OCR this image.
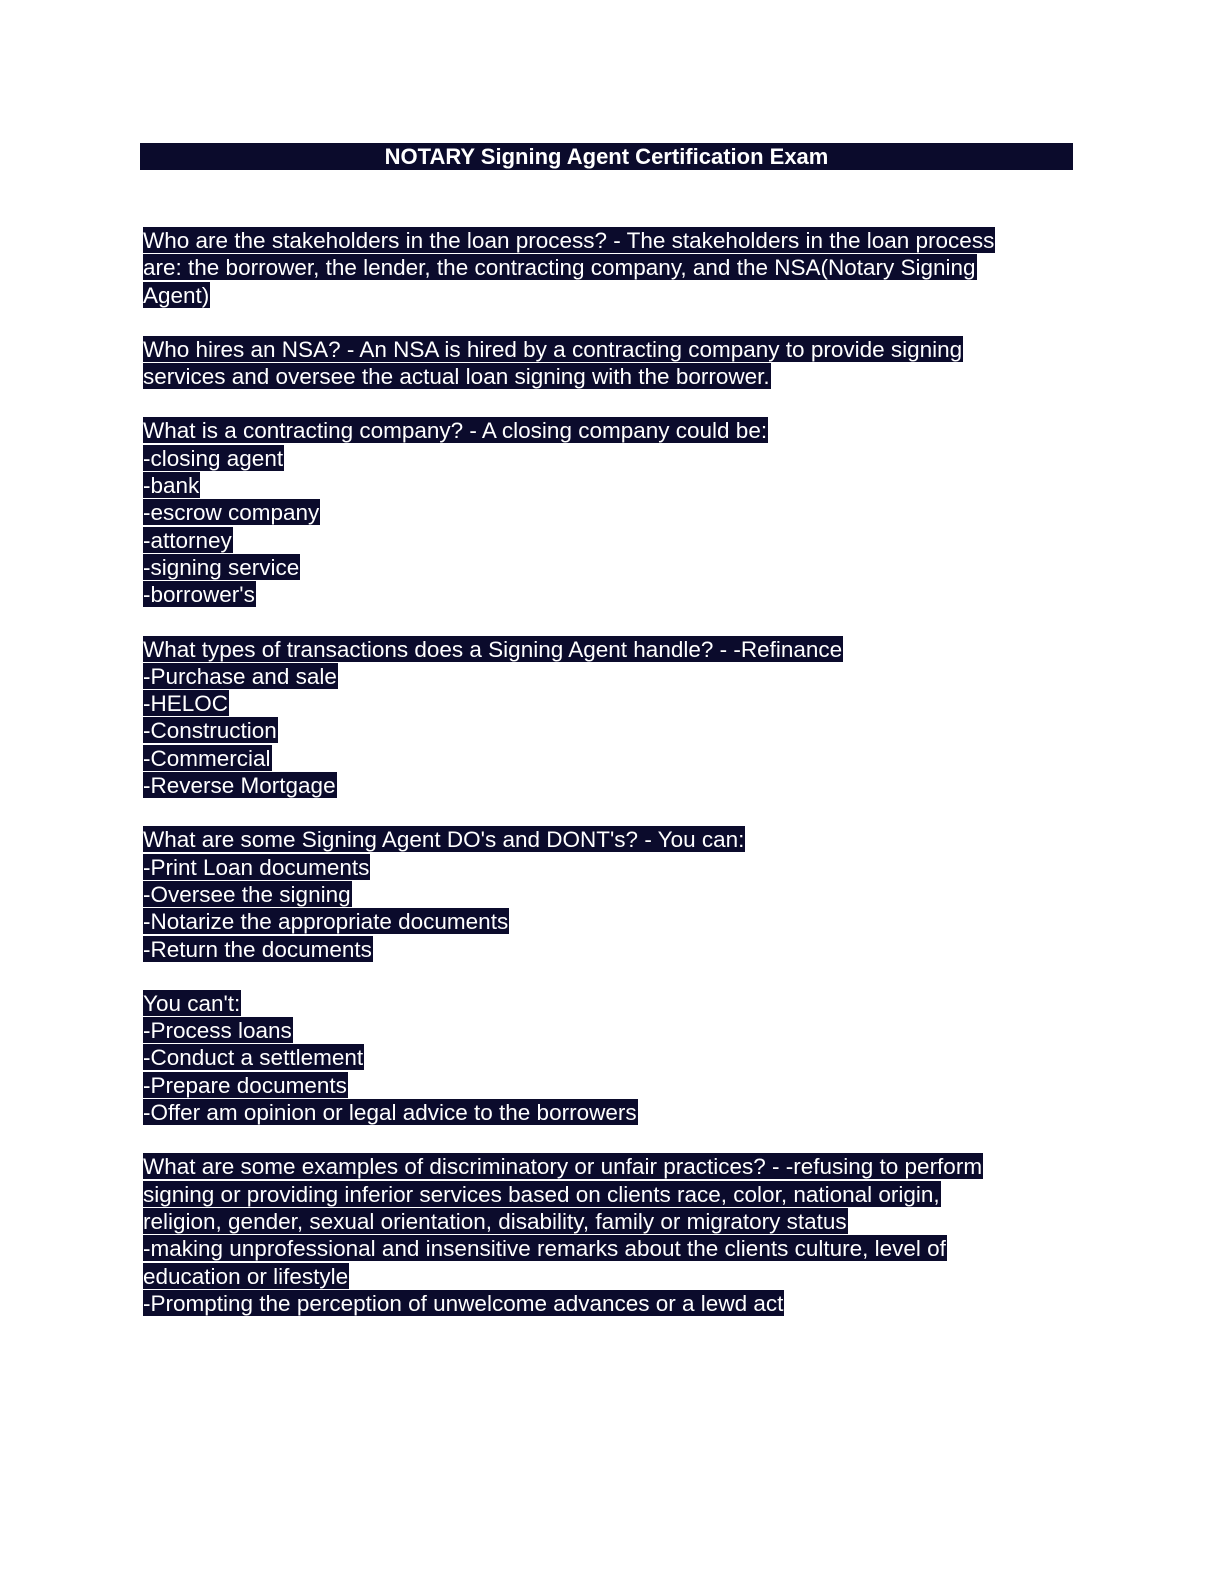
NOTARY Signing Agent Certification Exam
Who are the stakeholders in the loan process? - The stakeholders in the loan process
are: the borrower, the lender, the contracting company, and the NSA(Notary Signing
Agent)
Who hires an NSA? - An NSA is hired by a contracting company to provide signing
services and oversee the actual loan signing with the borrower.
What is a contracting company? - A closing company could be:
-closing agent
-bank
-escrow company
-attorney
-signing service
-borrower's
What types of transactions does a Signing Agent handle? - -Refinance
-Purchase and sale
-HELOC
-Construction
-Commercial
-Reverse Mortgage
What are some Signing Agent DO's and DONT's? - You can:
-Print Loan documents
-Oversee the signing
-Notarize the appropriate documents
-Return the documents
You can't:
-Process loans
-Conduct a settlement
-Prepare documents
-Offer am opinion or legal advice to the borrowers
What are some examples of discriminatory or unfair practices? - -refusing to perform
signing or providing inferior services based on clients race, color, national origin,
religion, gender, sexual orientation, disability, family or migratory status
-making unprofessional and insensitive remarks about the clients culture, level of
education or lifestyle
-Prompting the perception of unwelcome advances or a lewd act
